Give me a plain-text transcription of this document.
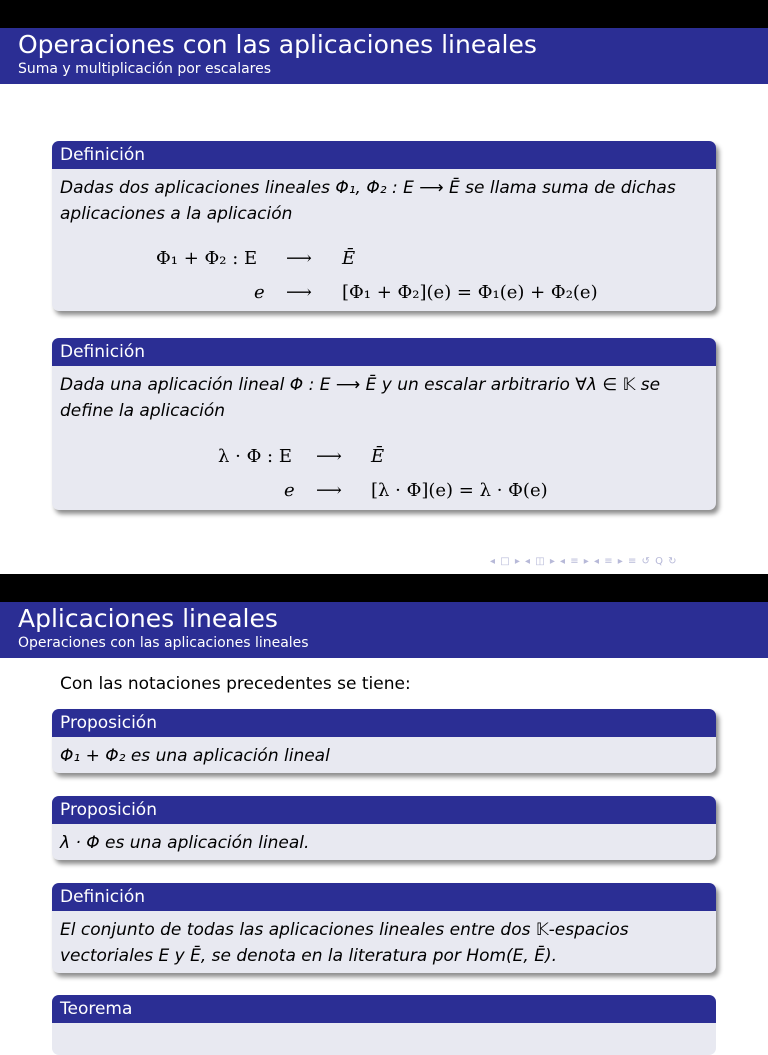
Operaciones con las aplicaciones lineales
Suma y multiplicación por escalares
Definición
Dadas dos aplicaciones lineales Φ₁, Φ₂ : E ⟶ Ē se llama suma de dichas
aplicaciones a la aplicación
Φ₁ + Φ₂ : E ⟶ Ē
e ⟶ [Φ₁ + Φ₂](e) = Φ₁(e) + Φ₂(e)
Definición
Dada una aplicación lineal Φ : E ⟶ Ē y un escalar arbitrario ∀λ ∈ 𝕂 se
define la aplicación
λ · Φ : E ⟶ Ē
e ⟶ [λ · Φ](e) = λ · Φ(e)
◂ □ ▸ ◂ ◫ ▸ ◂ ≡ ▸ ◂ ≡ ▸ ≡ ↺ Q ↻
Aplicaciones lineales
Operaciones con las aplicaciones lineales
Con las notaciones precedentes se tiene:
Proposición
Φ₁ + Φ₂ es una aplicación lineal
Proposición
λ · Φ es una aplicación lineal.
Definición
El conjunto de todas las aplicaciones lineales entre dos 𝕂-espacios
vectoriales E y Ē, se denota en la literatura por Hom(E, Ē).
Teorema
